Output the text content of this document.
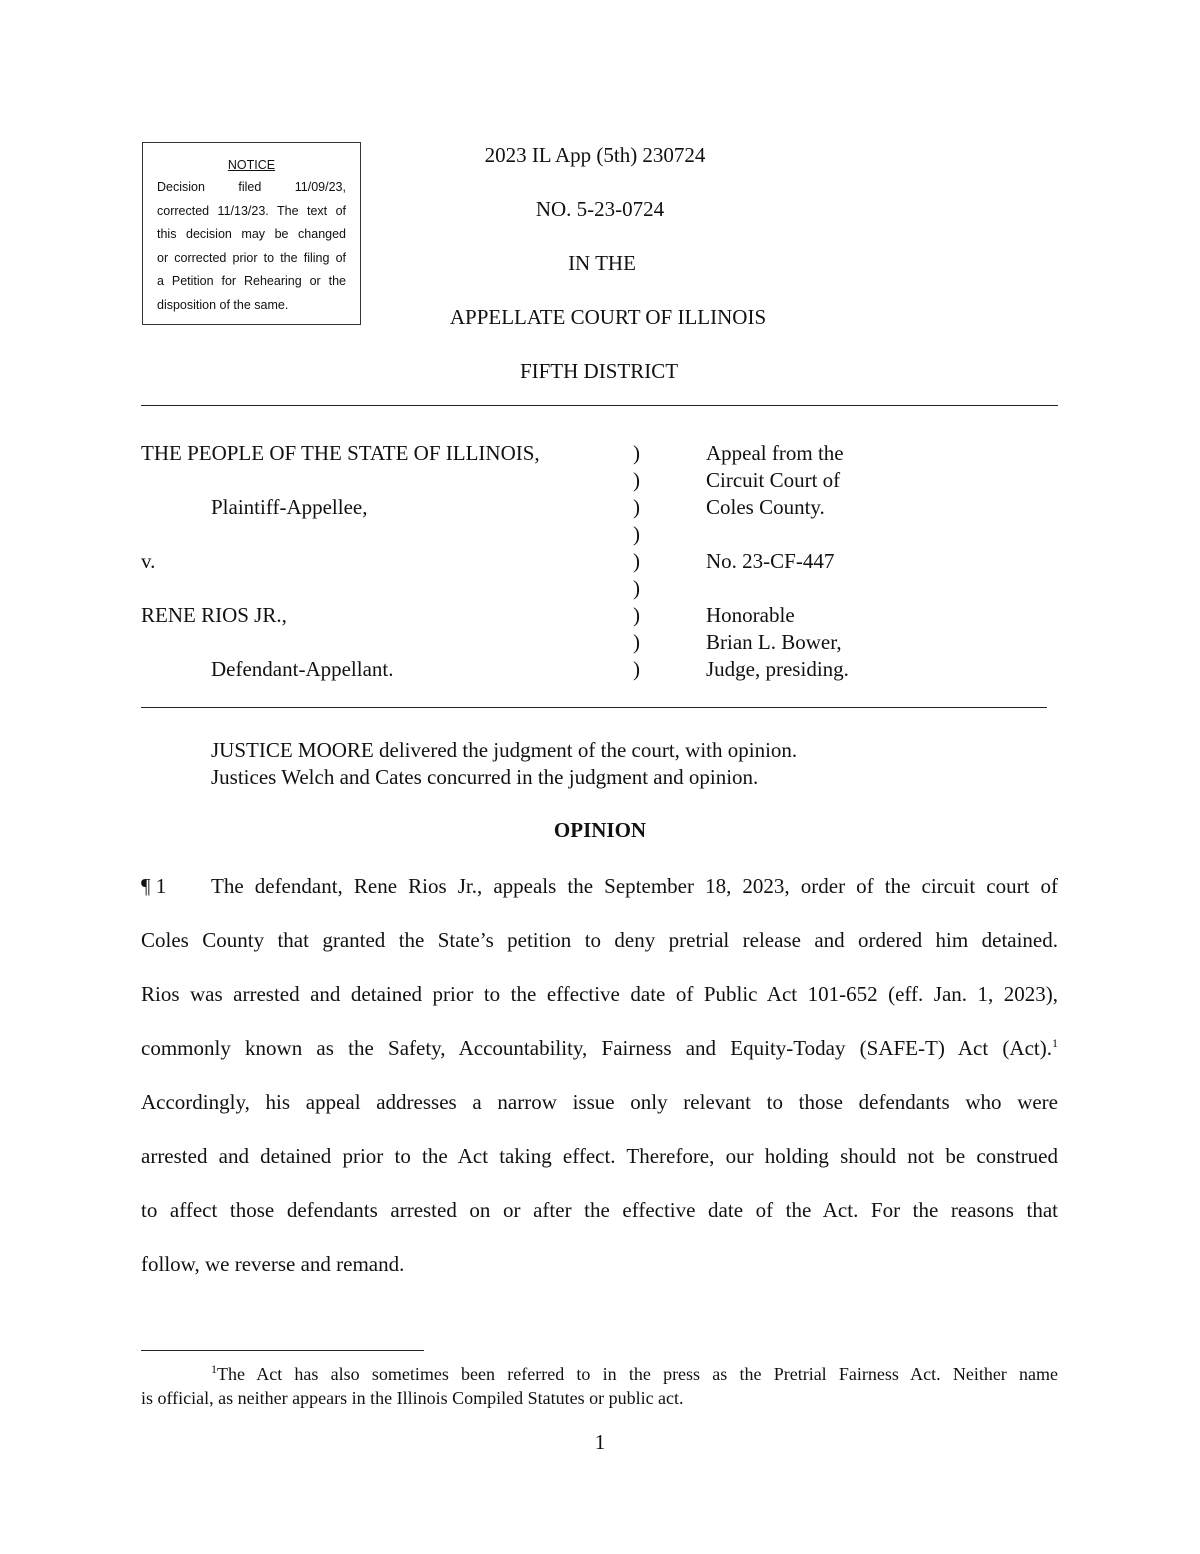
NOTICE
Decision filed 11/09/23,
corrected 11/13/23. The text of
this decision may be changed
or corrected prior to the filing of
a Petition for Rehearing or the
disposition of the same.
2023 IL App (5th) 230724
NO. 5-23-0724
IN THE
APPELLATE COURT OF ILLINOIS
FIFTH DISTRICT
THE PEOPLE OF THE STATE OF ILLINOIS,
Plaintiff-Appellee,
v.
RENE RIOS JR.,
Defendant-Appellant.
)
)
)
)
)
)
)
)
)
Appeal from the
Circuit Court of
Coles County.
No. 23-CF-447
Honorable
Brian L. Bower,
Judge, presiding.
JUSTICE MOORE delivered the judgment of the court, with opinion.
Justices Welch and Cates concurred in the judgment and opinion.
OPINION
¶ 1	The defendant, Rene Rios Jr., appeals the September 18, 2023, order of the circuit court of
Coles County that granted the State’s petition to deny pretrial release and ordered him detained.
Rios was arrested and detained prior to the effective date of Public Act 101-652 (eff. Jan. 1, 2023),
commonly known as the Safety, Accountability, Fairness and Equity-Today (SAFE-T) Act (Act).$^1$
Accordingly, his appeal addresses a narrow issue only relevant to those defendants who were
arrested and detained prior to the Act taking effect. Therefore, our holding should not be construed
to affect those defendants arrested on or after the effective date of the Act. For the reasons that
follow, we reverse and remand.
$^1$The Act has also sometimes been referred to in the press as the Pretrial Fairness Act. Neither name
is official, as neither appears in the Illinois Compiled Statutes or public act.
1
